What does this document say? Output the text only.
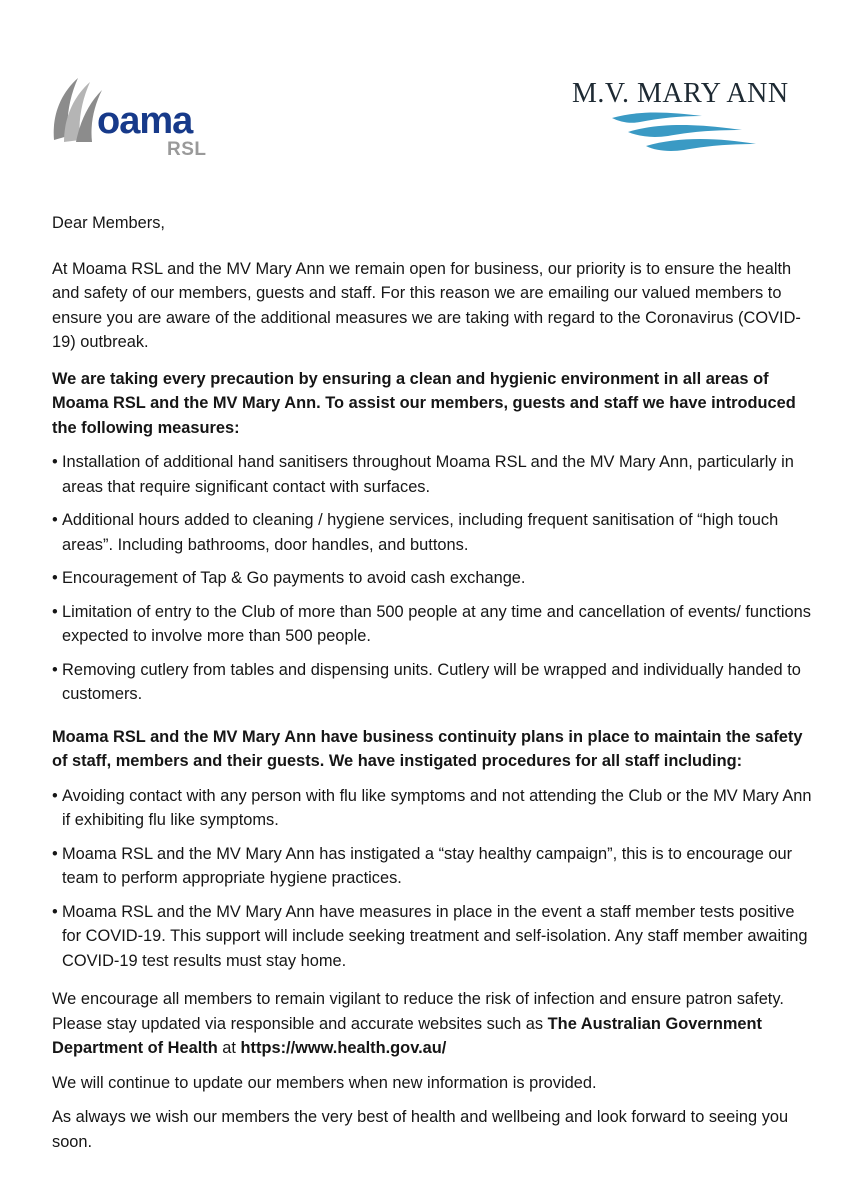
oama
RSL
M.V. MARY ANN

Dear Members,

At Moama RSL and the MV Mary Ann we remain open for business, our priority is to ensure the health and safety of our members, guests and staff. For this reason we are emailing our valued members to ensure you are aware of the additional measures we are taking with regard to the Coronavirus (COVID-19) outbreak.

We are taking every precaution by ensuring a clean and hygienic environment in all areas of Moama RSL and the MV Mary Ann. To assist our members, guests and staff we have introduced the following measures:

• Installation of additional hand sanitisers throughout Moama RSL and the MV Mary Ann, particularly in areas that require significant contact with surfaces.
• Additional hours added to cleaning / hygiene services, including frequent sanitisation of “high touch areas”. Including bathrooms, door handles, and buttons.
• Encouragement of Tap & Go payments to avoid cash exchange.
• Limitation of entry to the Club of more than 500 people at any time and cancellation of events/ functions expected to involve more than 500 people.
• Removing cutlery from tables and dispensing units. Cutlery will be wrapped and individually handed to customers.

Moama RSL and the MV Mary Ann have business continuity plans in place to maintain the safety of staff, members and their guests. We have instigated procedures for all staff including:

• Avoiding contact with any person with flu like symptoms and not attending the Club or the MV Mary Ann if exhibiting flu like symptoms.
• Moama RSL and the MV Mary Ann has instigated a “stay healthy campaign”, this is to encourage our team to perform appropriate hygiene practices.
• Moama RSL and the MV Mary Ann have measures in place in the event a staff member tests positive for COVID-19. This support will include seeking treatment and self-isolation. Any staff member awaiting COVID-19 test results must stay home.

We encourage all members to remain vigilant to reduce the risk of infection and ensure patron safety. Please stay updated via responsible and accurate websites such as The Australian Government Department of Health at https://www.health.gov.au/

We will continue to update our members when new information is provided.

As always we wish our members the very best of health and wellbeing and look forward to seeing you soon.
